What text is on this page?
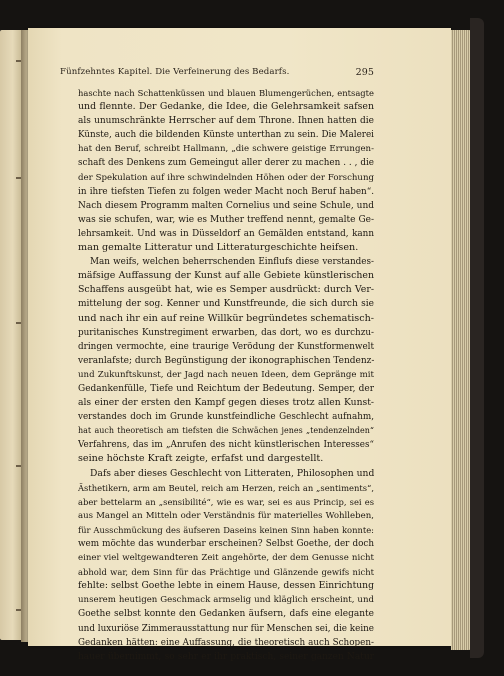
Fünfzehntes Kapitel. Die Verfeinerung des Bedarfs.	295
haschte nach Schattenküssen und blauen Blumengerüchen, entsagte
und flennte. Der Gedanke, die Idee, die Gelehrsamkeit safsen
als unumschränkte Herrscher auf dem Throne. Ihnen hatten die
Künste, auch die bildenden Künste unterthan zu sein. Die Malerei
hat den Beruf, schreibt Hallmann, „die schwere geistige Errungen-
schaft des Denkens zum Gemeingut aller derer zu machen . . , die
der Spekulation auf ihre schwindelnden Höhen oder der Forschung
in ihre tiefsten Tiefen zu folgen weder Macht noch Beruf haben“.
Nach diesem Programm malten Cornelius und seine Schule, und
was sie schufen, war, wie es Muther treffend nennt, gemalte Ge-
lehrsamkeit. Und was in Düsseldorf an Gemälden entstand, kann
man gemalte Litteratur und Litteraturgeschichte heifsen.
Man weifs, welchen beherrschenden Einflufs diese verstandes-
mäfsige Auffassung der Kunst auf alle Gebiete künstlerischen
Schaffens ausgeübt hat, wie es Semper ausdrückt: durch Ver-
mittelung der sog. Kenner und Kunstfreunde, die sich durch sie
und nach ihr ein auf reine Willkür begründetes schematisch-
puritanisches Kunstregiment erwarben, das dort, wo es durchzu-
dringen vermochte, eine traurige Verödung der Kunstformenwelt
veranlafste; durch Begünstigung der ikonographischen Tendenz-
und Zukunftskunst, der Jagd nach neuen Ideen, dem Gepränge mit
Gedankenfülle, Tiefe und Reichtum der Bedeutung. Semper, der
als einer der ersten den Kampf gegen dieses trotz allen Kunst-
verstandes doch im Grunde kunstfeindliche Geschlecht aufnahm,
hat auch theoretisch am tiefsten die Schwächen jenes „tendenzelnden“
Verfahrens, das im „Anrufen des nicht künstlerischen Interesses“
seine höchste Kraft zeigte, erfafst und dargestellt.
Dafs aber dieses Geschlecht von Litteraten, Philosophen und
Ästhetikern, arm am Beutel, reich am Herzen, reich an „sentiments“,
aber bettelarm an „sensibilité“, wie es war, sei es aus Princip, sei es
aus Mangel an Mitteln oder Verständnis für materielles Wohlleben,
für Ausschmückung des äufseren Daseins keinen Sinn haben konnte:
wem möchte das wunderbar erscheinen? Selbst Goethe, der doch
einer viel weltgewandteren Zeit angehörte, der dem Genusse nicht
abhold war, dem Sinn für das Prächtige und Glänzende gewifs nicht
fehlte: selbst Goethe lebte in einem Hause, dessen Einrichtung
unserem heutigen Geschmack armselig und kläglich erscheint, und
Goethe selbst konnte den Gedanken äufsern, dafs eine elegante
und luxuriöse Zimmerausstattung nur für Menschen sei, die keine
Gedanken hätten: eine Auffassung, die theoretisch auch Schopen-
hauer übernimmt, so sehr er ihr praktisch, seiner ganzen Natur
